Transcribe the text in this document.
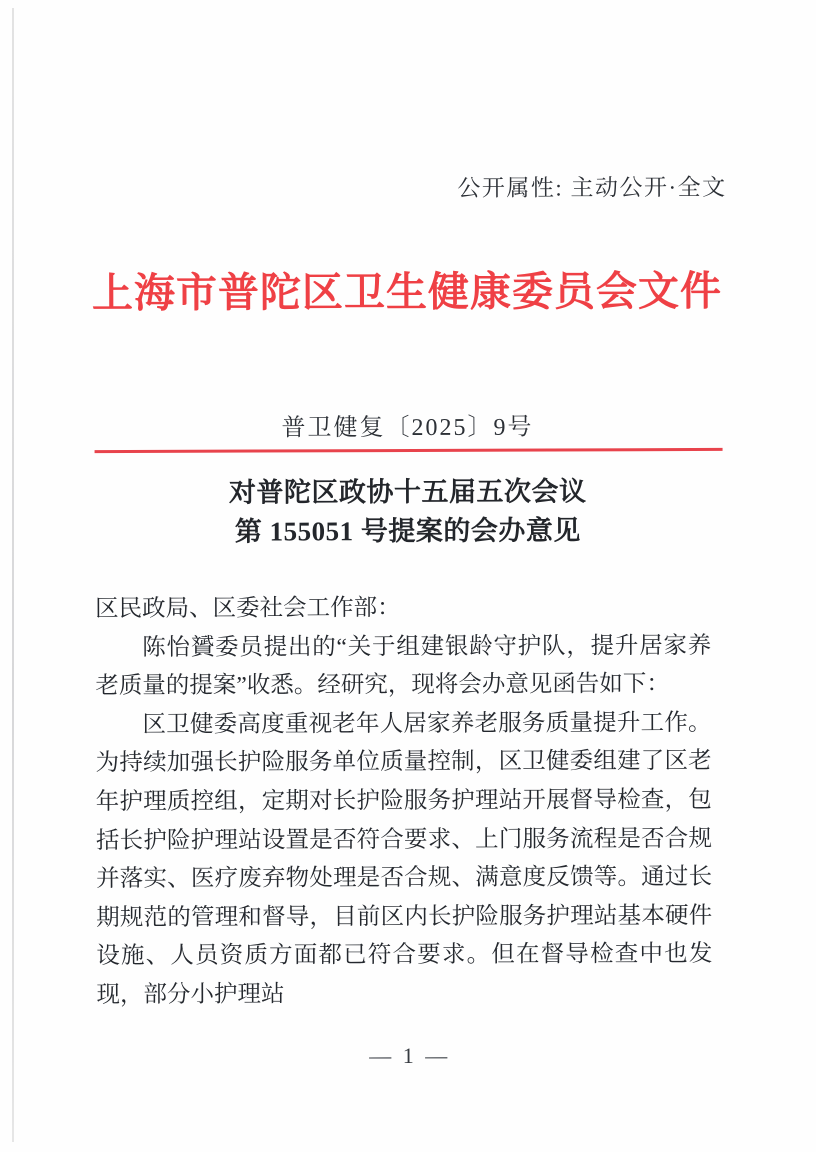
公开属性: 主动公开·全文
上海市普陀区卫生健康委员会文件
普卫健复〔2025〕9号
对普陀区政协十五届五次会议
第 155051 号提案的会办意见

区民政局、区委社会工作部：

陈怡贇委员提出的“关于组建银龄守护队，提升居家养老质量的提案”收悉。经研究，现将会办意见函告如下：

区卫健委高度重视老年人居家养老服务质量提升工作。为持续加强长护险服务单位质量控制，区卫健委组建了区老年护理质控组，定期对长护险服务护理站开展督导检查，包括长护险护理站设置是否符合要求、上门服务流程是否合规并落实、医疗废弃物处理是否合规、满意度反馈等。通过长期规范的管理和督导，目前区内长护险服务护理站基本硬件设施、人员资质方面都已符合要求。但在督导检查中也发现，部分小护理站

— 1 —
